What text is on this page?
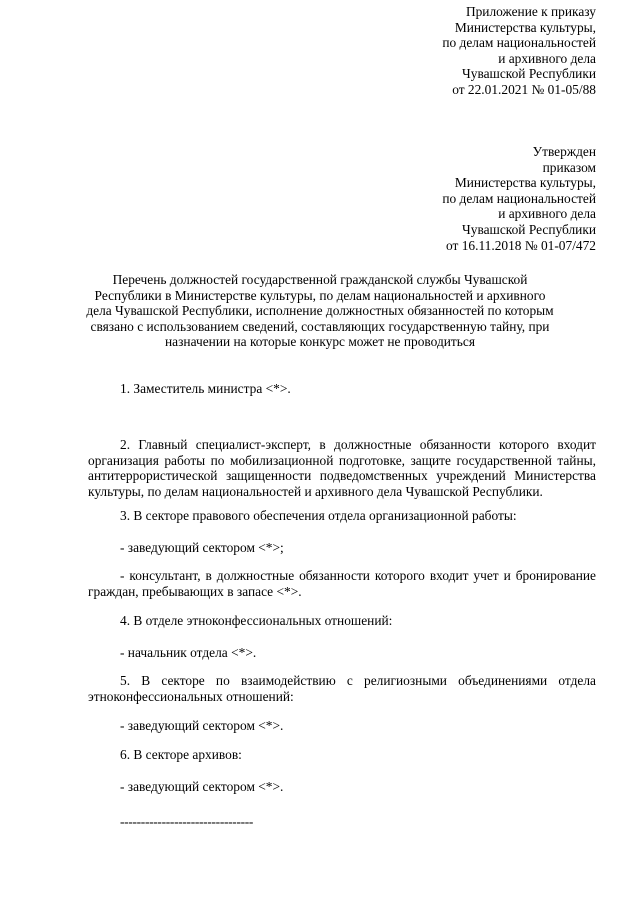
Приложение к приказу
Министерства культуры,
по делам национальностей
и архивного дела
Чувашской Республики
от 22.01.2021 № 01-05/88
Утвержден
приказом
Министерства культуры,
по делам национальностей
и архивного дела
Чувашской Республики
от 16.11.2018 № 01-07/472
Перечень должностей государственной гражданской службы Чувашской Республики в Министерстве культуры, по делам национальностей и архивного дела Чувашской Республики, исполнение должностных обязанностей по которым связано с использованием сведений, составляющих государственную тайну, при назначении на которые конкурс может не проводиться
1. Заместитель министра <*>.
2. Главный специалист-эксперт, в должностные обязанности которого входит организация работы по мобилизационной подготовке, защите государственной тайны, антитеррористической защищенности подведомственных учреждений Министерства культуры, по делам национальностей и архивного дела Чувашской Республики.
3. В секторе правового обеспечения отдела организационной работы:
- заведующий сектором <*>;
- консультант, в должностные обязанности которого входит учет и бронирование граждан, пребывающих в запасе <*>.
4. В отделе этноконфессиональных отношений:
- начальник отдела <*>.
5. В секторе по взаимодействию с религиозными объединениями отдела этноконфессиональных отношений:
- заведующий сектором <*>.
6. В секторе архивов:
- заведующий сектором <*>.
--------------------------------
